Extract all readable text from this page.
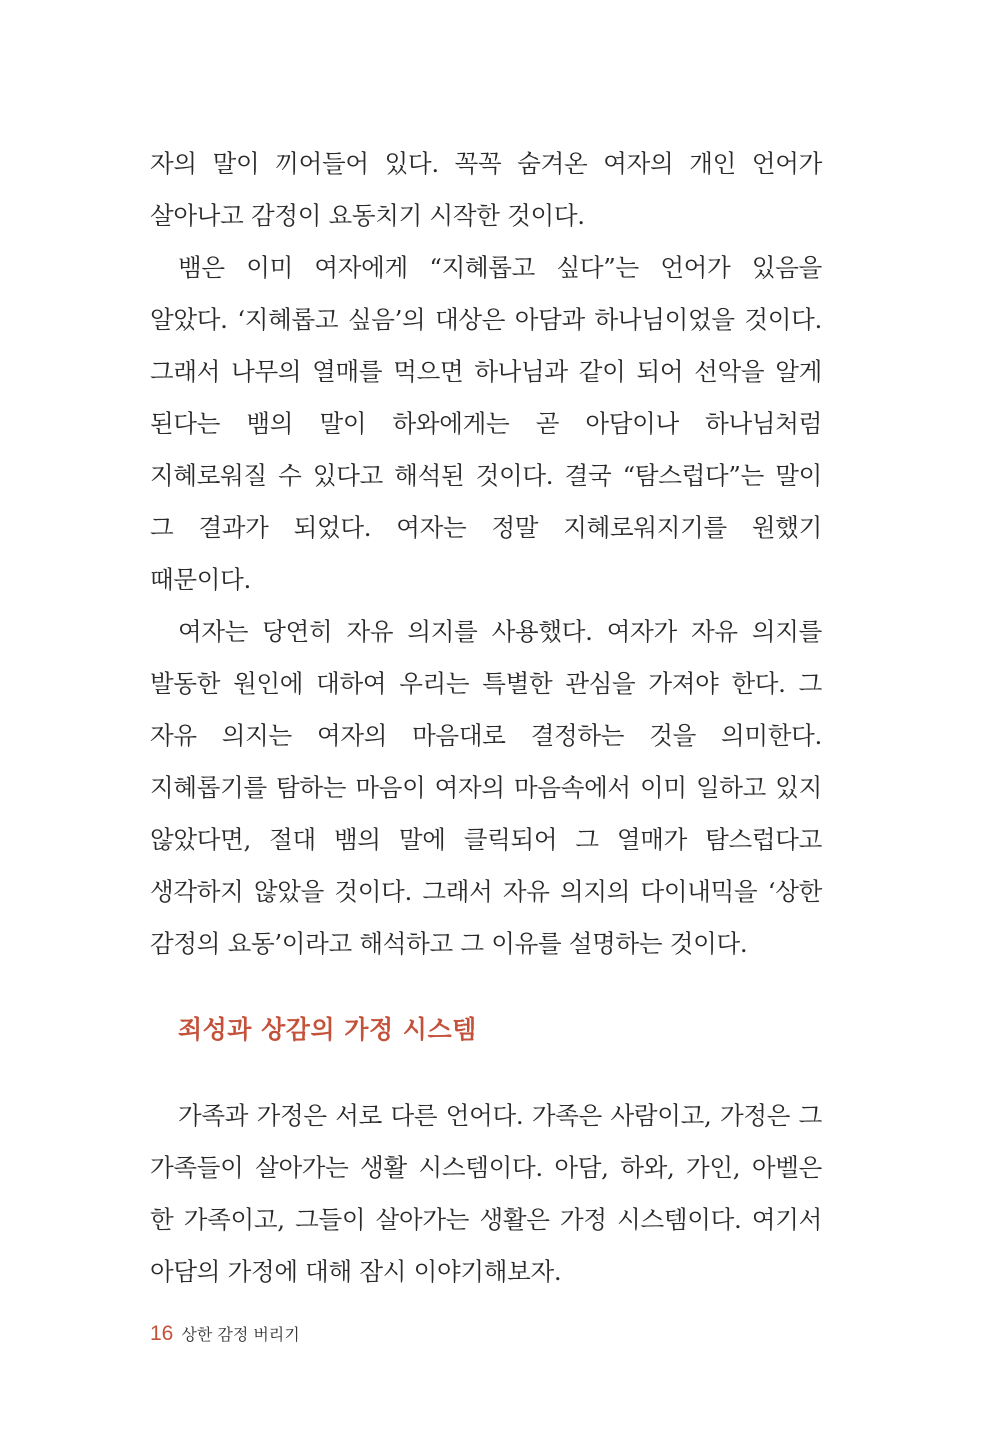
자의 말이 끼어들어 있다. 꼭꼭 숨겨온 여자의 개인 언어가 살아나고 감정이 요동치기 시작한 것이다.

뱀은 이미 여자에게 “지혜롭고 싶다”는 언어가 있음을 알았다. ‘지혜롭고 싶음’의 대상은 아담과 하나님이었을 것이다. 그래서 나무의 열매를 먹으면 하나님과 같이 되어 선악을 알게 된다는 뱀의 말이 하와에게는 곧 아담이나 하나님처럼 지혜로워질 수 있다고 해석된 것이다. 결국 “탐스럽다”는 말이 그 결과가 되었다. 여자는 정말 지혜로워지기를 원했기 때문이다.

여자는 당연히 자유 의지를 사용했다. 여자가 자유 의지를 발동한 원인에 대하여 우리는 특별한 관심을 가져야 한다. 그 자유 의지는 여자의 마음대로 결정하는 것을 의미한다. 지혜롭기를 탐하는 마음이 여자의 마음속에서 이미 일하고 있지 않았다면, 절대 뱀의 말에 클릭되어 그 열매가 탐스럽다고 생각하지 않았을 것이다. 그래서 자유 의지의 다이내믹을 ‘상한 감정의 요동’이라고 해석하고 그 이유를 설명하는 것이다.

죄성과 상감의 가정 시스템

가족과 가정은 서로 다른 언어다. 가족은 사람이고, 가정은 그 가족들이 살아가는 생활 시스템이다. 아담, 하와, 가인, 아벨은 한 가족이고, 그들이 살아가는 생활은 가정 시스템이다. 여기서 아담의 가정에 대해 잠시 이야기해보자.

16 상한 감정 버리기
